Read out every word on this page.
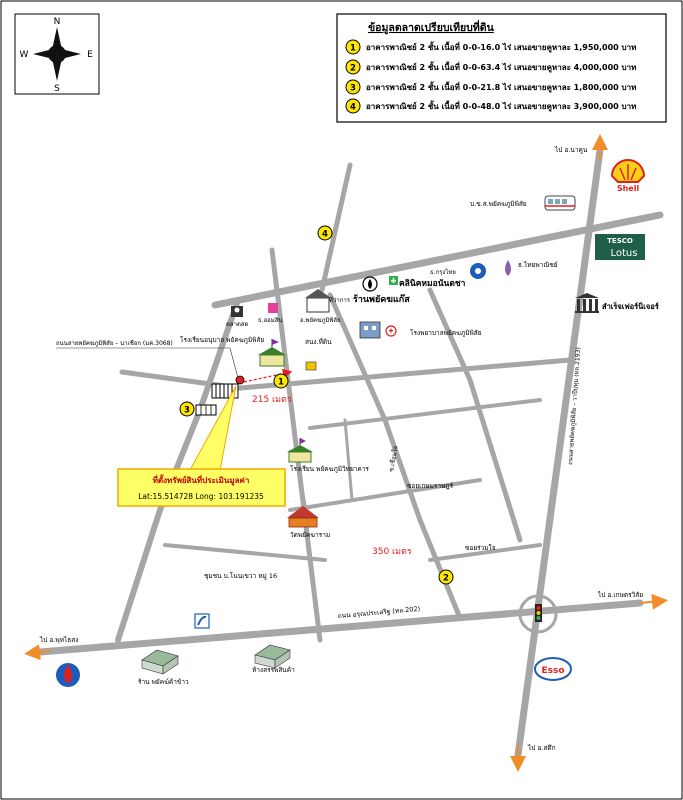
N
S
E
W
ข้อมูลตลาดเปรียบเทียบที่ดิน
1 อาคารพาณิชย์ 2 ชั้น เนื้อที่ 0-0-16.0 ไร่ เสนอขายคูหาละ 1,950,000 บาท
2 อาคารพาณิชย์ 2 ชั้น เนื้อที่ 0-0-63.4 ไร่ เสนอขายคูหาละ 4,000,000 บาท
3 อาคารพาณิชย์ 2 ชั้น เนื้อที่ 0-0-21.8 ไร่ เสนอขายคูหาละ 1,800,000 บาท
4 อาคารพาณิชย์ 2 ชั้น เนื้อที่ 0-0-48.0 ไร่ เสนอขายคูหาละ 3,900,000 บาท
ไป อ.นาคูน
Shell
บ.ข.ส.พยัคฆภูมิพิสัย
TESCO
Lotus
ธ.ไทยพาณิชย์
ธ.กรุงไทย
คลินิคหมอนันตชา
ร้านพยัคฆแก๊ส
สำเร็จเฟอร์นิเจอร์
ที่ว่าการ
อ.พยัคฆภูมิพิสัย
โรงพยาบาลพยัคฆภูมิพิสัย
ตลาดสด
ธ.ออมสิน
โรงเรียนอนุบาล พยัคฆภูมิพิสัย	สนง.ที่ดิน
ถนนสายพยัคฆภูมิพิสัย – นาเชือก (มค.3068)
ถนนสายพยัคฆภูมิพิสัย – วาปีปทุม (ทล.2193)
ถนน อรุณประเสริฐ (ทล.202)
215 เมตร
1
3
4
2
ที่ตั้งทรัพย์สินที่ประเมินมูลค่า
Lat:15.514728 Long: 103.191235
โรงเรียน พยัคฆภูมิวิทยาคาร	ซ.เชื่อมใจ
ซอยเกษมราษฎร์
วัดพยัคฆาราม
ซอยร่วมใจ
350 เมตร
ชุมชน บ.โนนเขวา หมู่ 16
ไป อ.พุทไธสง
ไป อ.เกษตรวิสัย
ไป อ.สตึก
ร้าน พยัคฆ์ค้าข้าว
ห้างสรรพสินค้า	Esso
